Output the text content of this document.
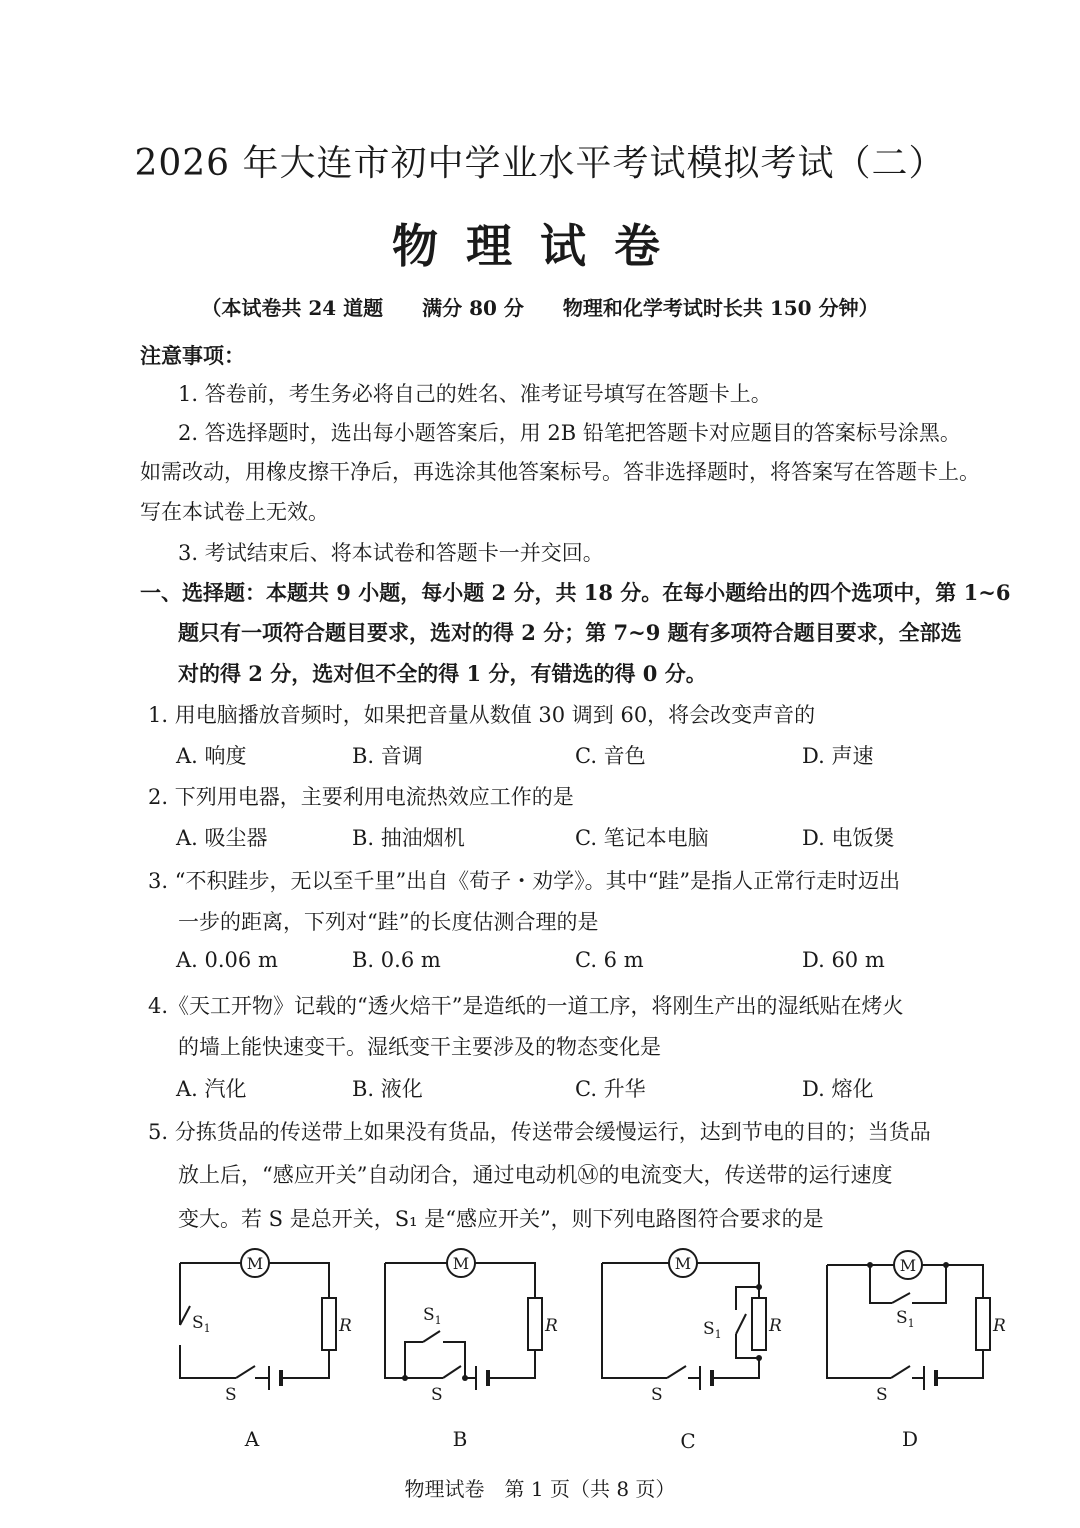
2026 年大连市初中学业水平考试模拟考试（二）
物理试卷
（本试卷共 24 道题 满分 80 分 物理和化学考试时长共 150 分钟）
注意事项：
1. 答卷前，考生务必将自己的姓名、准考证号填写在答题卡上。
2. 答选择题时，选出每小题答案后，用 2B 铅笔把答题卡对应题目的答案标号涂黑。
如需改动，用橡皮擦干净后，再选涂其他答案标号。答非选择题时，将答案写在答题卡上。
写在本试卷上无效。
3. 考试结束后、将本试卷和答题卡一并交回。
一、选择题：本题共 9 小题，每小题 2 分，共 18 分。在每小题给出的四个选项中，第 1~6
题只有一项符合题目要求，选对的得 2 分；第 7~9 题有多项符合题目要求，全部选
对的得 2 分，选对但不全的得 1 分，有错选的得 0 分。
1. 用电脑播放音频时，如果把音量从数值 30 调到 60，将会改变声音的
A. 响度	B. 音调	C. 音色	D. 声速
2. 下列用电器，主要利用电流热效应工作的是
A. 吸尘器	B. 抽油烟机	C. 笔记本电脑	D. 电饭煲
3. “不积跬步，无以至千里”出自《荀子・劝学》。其中“跬”是指人正常行走时迈出
一步的距离，下列对“跬”的长度估测合理的是
A. 0.06 m	B. 0.6 m	C. 6 m	D. 60 m
4.《天工开物》记载的“透火焙干”是造纸的一道工序，将刚生产出的湿纸贴在烤火
的墙上能快速变干。湿纸变干主要涉及的物态变化是
A. 汽化	B. 液化	C. 升华	D. 熔化
5. 分拣货品的传送带上如果没有货品，传送带会缓慢运行，达到节电的目的；当货品
放上后，“感应开关”自动闭合，通过电动机Ⓜ的电流变大，传送带的运行速度
变大。若 S 是总开关，S₁ 是“感应开关”，则下列电路图符合要求的是
M	M	M	M
R	R	R	R
$S_1$
$S_1$	$S_1$
$S_1$
S	S	S	S
A	B	C	D
物理试卷　第 1 页（共 8 页）
